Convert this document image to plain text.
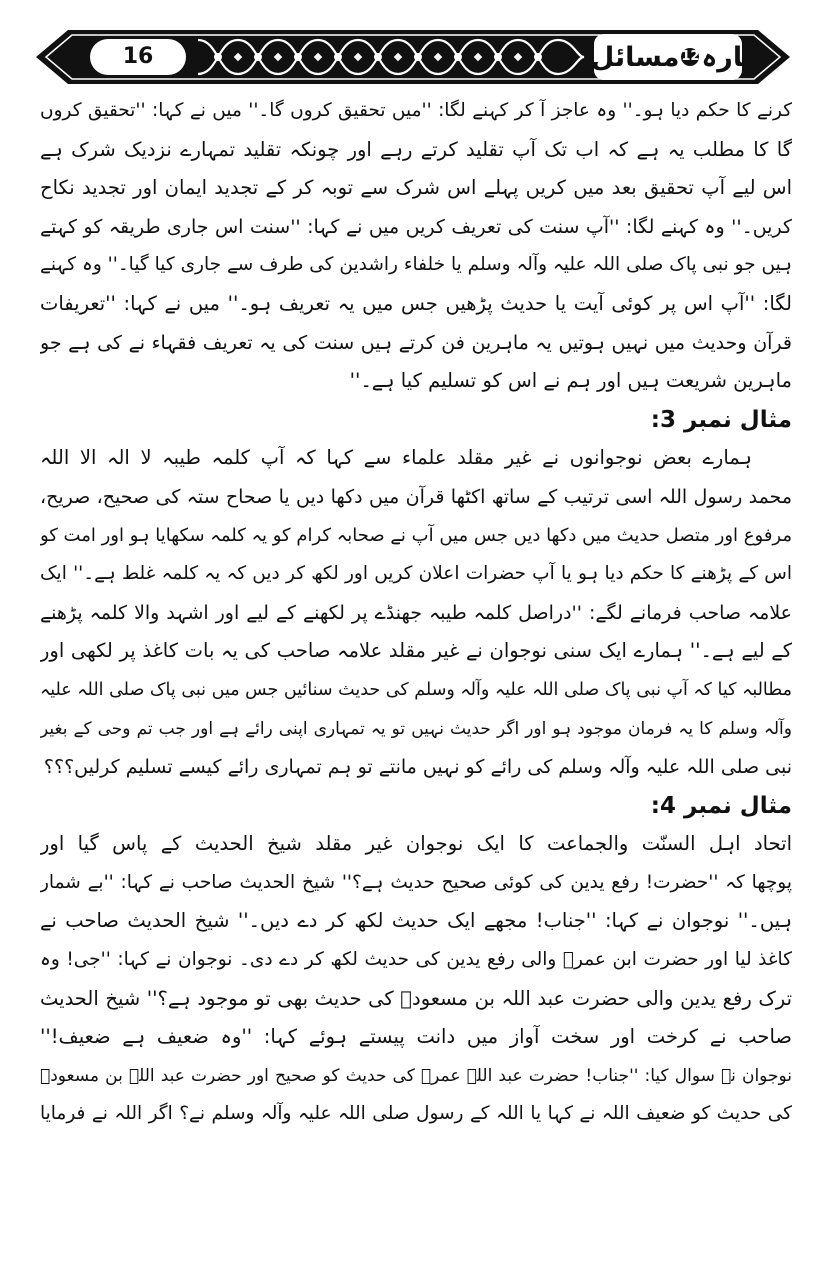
16	بارہ
12
مسائل
کرنے کا حکم دیا ہو۔'' وہ عاجز آ کر کہنے لگا: ''میں تحقیق کروں گا۔'' میں نے کہا: ''تحقیق کروں
گا کا مطلب یہ ہے کہ اب تک آپ تقلید کرتے رہے اور چونکہ تقلید تمہارے نزدیک شرک ہے
اس لیے آپ تحقیق بعد میں کریں پہلے اس شرک سے توبہ کر کے تجدید ایمان اور تجدید نکاح
کریں۔'' وہ کہنے لگا: ''آپ سنت کی تعریف کریں میں نے کہا: ''سنت اس جاری طریقہ کو کہتے
ہیں جو نبی پاک صلی اللہ علیہ وآلہ وسلم یا خلفاء راشدین کی طرف سے جاری کیا گیا۔'' وہ کہنے
لگا: ''آپ اس پر کوئی آیت یا حدیث پڑھیں جس میں یہ تعریف ہو۔'' میں نے کہا: ''تعریفات
قرآن وحدیث میں نہیں ہوتیں یہ ماہرین فن کرتے ہیں سنت کی یہ تعریف فقہاء نے کی ہے جو
ماہرین شریعت ہیں اور ہم نے اس کو تسلیم کیا ہے۔''
مثال نمبر 3:
ہمارے بعض نوجوانوں نے غیر مقلد علماء سے کہا کہ آپ کلمہ طیبہ لا الہ الا اللہ
محمد رسول اللہ اسی ترتیب کے ساتھ اکٹھا قرآن میں دکھا دیں یا صحاح ستہ کی صحیح، صریح،
مرفوع اور متصل حدیث میں دکھا دیں جس میں آپ نے صحابہ کرام کو یہ کلمہ سکھایا ہو اور امت کو
اس کے پڑھنے کا حکم دیا ہو یا آپ حضرات اعلان کریں اور لکھ کر دیں کہ یہ کلمہ غلط ہے۔'' ایک
علامہ صاحب فرمانے لگے: ''دراصل کلمہ طیبہ جھنڈے پر لکھنے کے لیے اور اشہد والا کلمہ پڑھنے
کے لیے ہے۔'' ہمارے ایک سنی نوجوان نے غیر مقلد علامہ صاحب کی یہ بات کاغذ پر لکھی اور
مطالبہ کیا کہ آپ نبی پاک صلی اللہ علیہ وآلہ وسلم کی حدیث سنائیں جس میں نبی پاک صلی اللہ علیہ
وآلہ وسلم کا یہ فرمان موجود ہو اور اگر حدیث نہیں تو یہ تمہاری اپنی رائے ہے اور جب تم وحی کے بغیر
نبی صلی اللہ علیہ وآلہ وسلم کی رائے کو نہیں مانتے تو ہم تمہاری رائے کیسے تسلیم کرلیں؟؟؟
مثال نمبر 4:
اتحاد اہل السنّت والجماعت کا ایک نوجوان غیر مقلد شیخ الحدیث کے پاس گیا اور
پوچھا کہ ''حضرت! رفع یدین کی کوئی صحیح حدیث ہے؟'' شیخ الحدیث صاحب نے کہا: ''بے شمار
ہیں۔'' نوجوان نے کہا: ''جناب! مجھے ایک حدیث لکھ کر دے دیں۔'' شیخ الحدیث صاحب نے
کاغذ لیا اور حضرت ابن عمرؓ والی رفع یدین کی حدیث لکھ کر دے دی۔ نوجوان نے کہا: ''جی! وہ
ترک رفع یدین والی حضرت عبد اللہ بن مسعودؓ کی حدیث بھی تو موجود ہے؟'' شیخ الحدیث
صاحب نے کرخت اور سخت آواز میں دانت پیستے ہوئے کہا: ''وہ ضعیف ہے ضعیف!''
نوجوان نے سوال کیا: ''جناب! حضرت عبد اللہ عمرؓ کی حدیث کو صحیح اور حضرت عبد اللہ بن مسعودؓ
کی حدیث کو ضعیف اللہ نے کہا یا اللہ کے رسول صلی اللہ علیہ وآلہ وسلم نے؟ اگر اللہ نے فرمایا
